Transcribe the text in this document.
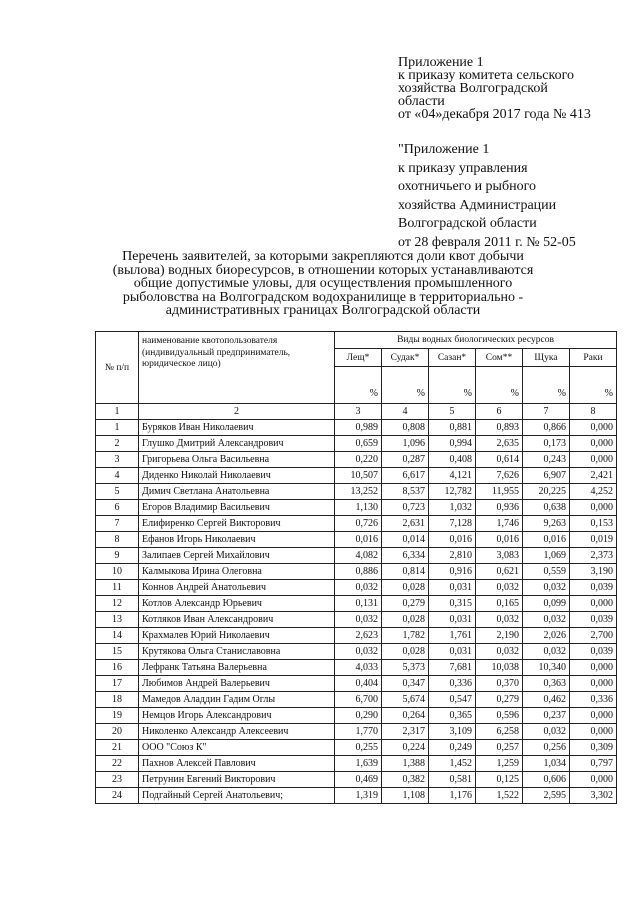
Приложение 1
к приказу комитета сельского
хозяйства Волгоградской
области
от «04»декабря 2017 года № 413
"Приложение 1
к приказу управления
охотничьего и рыбного
хозяйства Администрации
Волгоградской области
от 28 февраля 2011 г. № 52-05
Перечень заявителей, за которыми закрепляются доли квот добычи (вылова) водных биоресурсов, в отношении которых устанавливаются общие допустимые уловы, для осуществления промышленного рыболовства на Волгоградском водохранилище в территориально - административных границах Волгоградской области
№ п/п	наименование квотопользователя (индивидуальный предприниматель, юридическое лицо)	Виды водных биологических ресурсов					
		Лещ*	Судак*	Сазан*	Сом**	Щука	Раки
		%	%	%	%	%	%
1	2	3	4	5	6	7	8
1	Буряков Иван Николаевич	0,989	0,808	0,881	0,893	0,866	0,000
2	Глушко Дмитрий Александрович	0,659	1,096	0,994	2,635	0,173	0,000
3	Григорьева Ольга Васильевна	0,220	0,287	0,408	0,614	0,243	0,000
4	Диденко Николай Николаевич	10,507	6,617	4,121	7,626	6,907	2,421
5	Димич Светлана Анатольевна	13,252	8,537	12,782	11,955	20,225	4,252
6	Егоров Владимир Васильевич	1,130	0,723	1,032	0,936	0,638	0,000
7	Елифиренко Сергей Викторович	0,726	2,631	7,128	1,746	9,263	0,153
8	Ефанов Игорь Николаевич	0,016	0,014	0,016	0,016	0,016	0,019
9	Залипаев Сергей Михайлович	4,082	6,334	2,810	3,083	1,069	2,373
10	Калмыкова Ирина Олеговна	0,886	0,814	0,916	0,621	0,559	3,190
11	Коннов Андрей Анатольевич	0,032	0,028	0,031	0,032	0,032	0,039
12	Котлов Александр Юрьевич	0,131	0,279	0,315	0,165	0,099	0,000
13	Котляков Иван Александрович	0,032	0,028	0,031	0,032	0,032	0,039
14	Крахмалев Юрий Николаевич	2,623	1,782	1,761	2,190	2,026	2,700
15	Крутякова Ольга Станиславовна	0,032	0,028	0,031	0,032	0,032	0,039
16	Лефранк Татьяна Валерьевна	4,033	5,373	7,681	10,038	10,340	0,000
17	Любимов Андрей Валерьевич	0,404	0,347	0,336	0,370	0,363	0,000
18	Мамедов Аладдин Гадим Оглы	6,700	5,674	0,547	0,279	0,462	0,336
19	Немцов Игорь Александрович	0,290	0,264	0,365	0,596	0,237	0,000
20	Николенко Александр Алексеевич	1,770	2,317	3,109	6,258	0,032	0,000
21	ООО "Союз К"	0,255	0,224	0,249	0,257	0,256	0,309
22	Пахнов Алексей Павлович	1,639	1,388	1,452	1,259	1,034	0,797
23	Петрунин Евгений Викторович	0,469	0,382	0,581	0,125	0,606	0,000
24	Подгайный Сергей Анатольевич;	1,319	1,108	1,176	1,522	2,595	3,302
